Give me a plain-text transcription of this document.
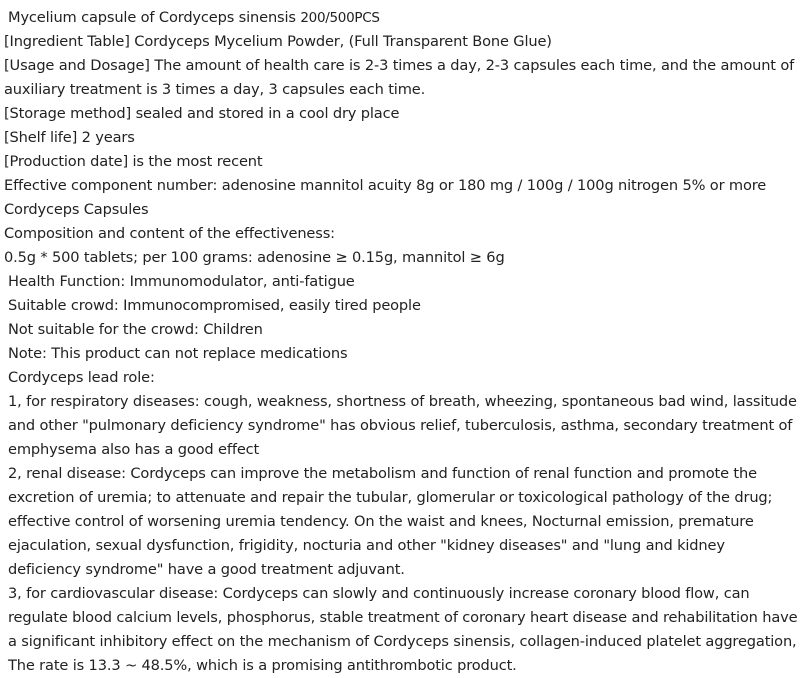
Mycelium capsule of Cordyceps sinensis 200/500PCS

[Ingredient Table] Cordyceps Mycelium Powder, (Full Transparent Bone Glue)

[Usage and Dosage] The amount of health care is 2-3 times a day, 2-3 capsules each time, and the amount of auxiliary treatment is 3 times a day, 3 capsules each time.

[Storage method] sealed and stored in a cool dry place

[Shelf life] 2 years

[Production date] is the most recent

Effective component number: adenosine mannitol acuity 8g or 180 mg / 100g / 100g nitrogen 5% or more

Cordyceps Capsules

Composition and content of the effectiveness:

0.5g * 500 tablets; per 100 grams: adenosine ≥ 0.15g, mannitol ≥ 6g

Health Function: Immunomodulator, anti-fatigue

Suitable crowd: Immunocompromised, easily tired people

Not suitable for the crowd: Children

Note: This product can not replace medications

Cordyceps lead role:

1, for respiratory diseases: cough, weakness, shortness of breath, wheezing, spontaneous bad wind, lassitude and other "pulmonary deficiency syndrome" has obvious relief, tuberculosis, asthma, secondary treatment of emphysema also has a good effect

2, renal disease: Cordyceps can improve the metabolism and function of renal function and promote the excretion of uremia; to attenuate and repair the tubular, glomerular or toxicological pathology of the drug; effective control of worsening uremia tendency. On the waist and knees, Nocturnal emission, premature ejaculation, sexual dysfunction, frigidity, nocturia and other "kidney diseases" and "lung and kidney deficiency syndrome" have a good treatment adjuvant.

3, for cardiovascular disease: Cordyceps can slowly and continuously increase coronary blood flow, can regulate blood calcium levels, phosphorus, stable treatment of coronary heart disease and rehabilitation have a significant inhibitory effect on the mechanism of Cordyceps sinensis, collagen-induced platelet aggregation, The rate is 13.3 ~ 48.5%, which is a promising antithrombotic product.
